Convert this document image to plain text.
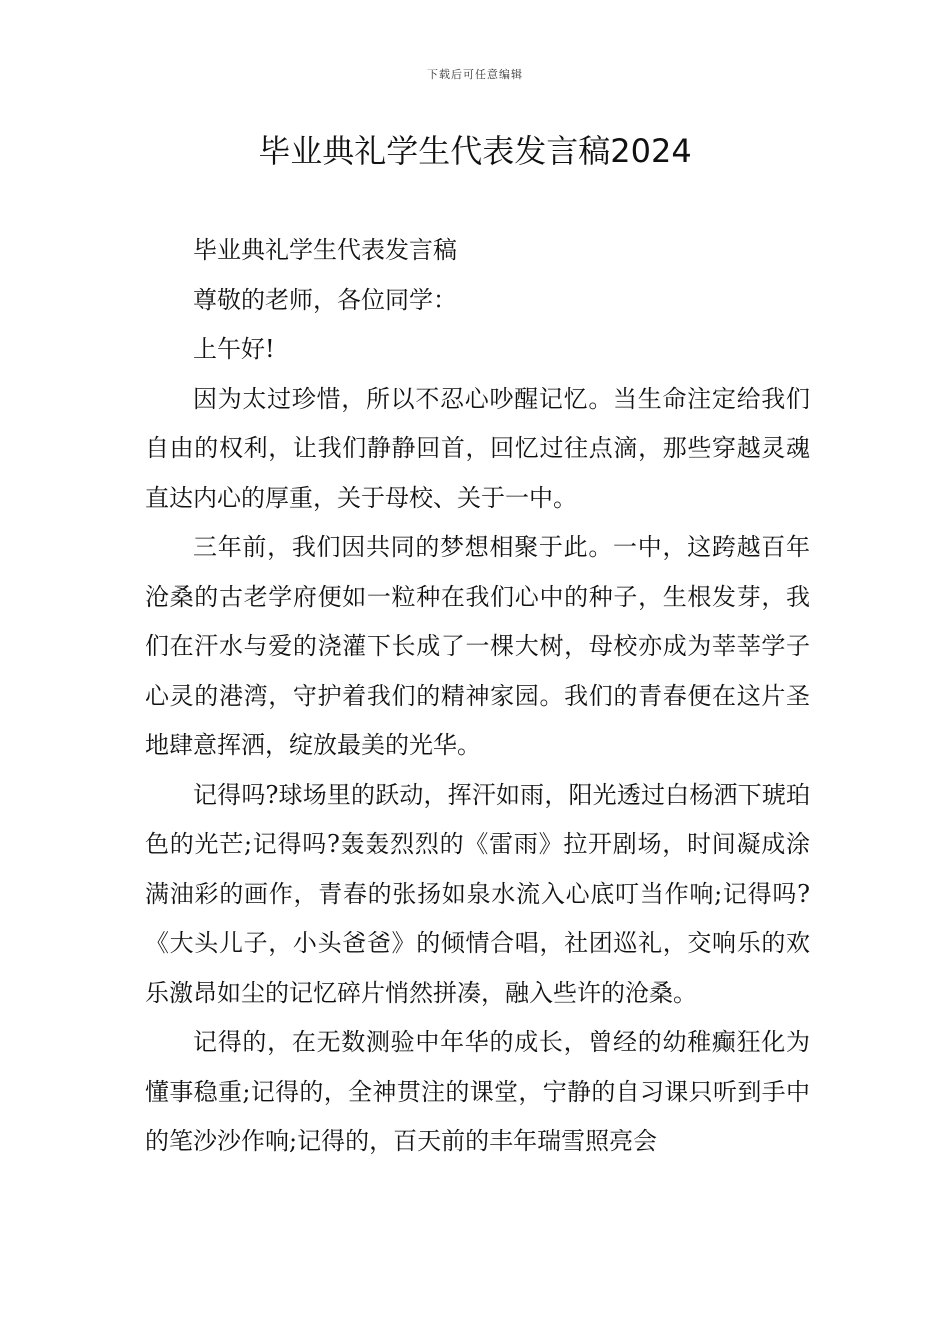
下载后可任意编辑
毕业典礼学生代表发言稿2024

毕业典礼学生代表发言稿

尊敬的老师，各位同学：

上午好!

因为太过珍惜，所以不忍心吵醒记忆。当生命注定给我们自由的权利，让我们静静回首，回忆过往点滴，那些穿越灵魂直达内心的厚重，关于母校、关于一中。

三年前，我们因共同的梦想相聚于此。一中，这跨越百年沧桑的古老学府便如一粒种在我们心中的种子，生根发芽，我们在汗水与爱的浇灌下长成了一棵大树，母校亦成为莘莘学子心灵的港湾，守护着我们的精神家园。我们的青春便在这片圣地肆意挥洒，绽放最美的光华。

记得吗?球场里的跃动，挥汗如雨，阳光透过白杨洒下琥珀色的光芒;记得吗?轰轰烈烈的《雷雨》拉开剧场，时间凝成涂满油彩的画作，青春的张扬如泉水流入心底叮当作响;记得吗?《大头儿子，小头爸爸》的倾情合唱，社团巡礼，交响乐的欢乐激昂如尘的记忆碎片悄然拼凑，融入些许的沧桑。

记得的，在无数测验中年华的成长，曾经的幼稚癫狂化为懂事稳重;记得的，全神贯注的课堂，宁静的自习课只听到手中的笔沙沙作响;记得的，百天前的丰年瑞雪照亮会
